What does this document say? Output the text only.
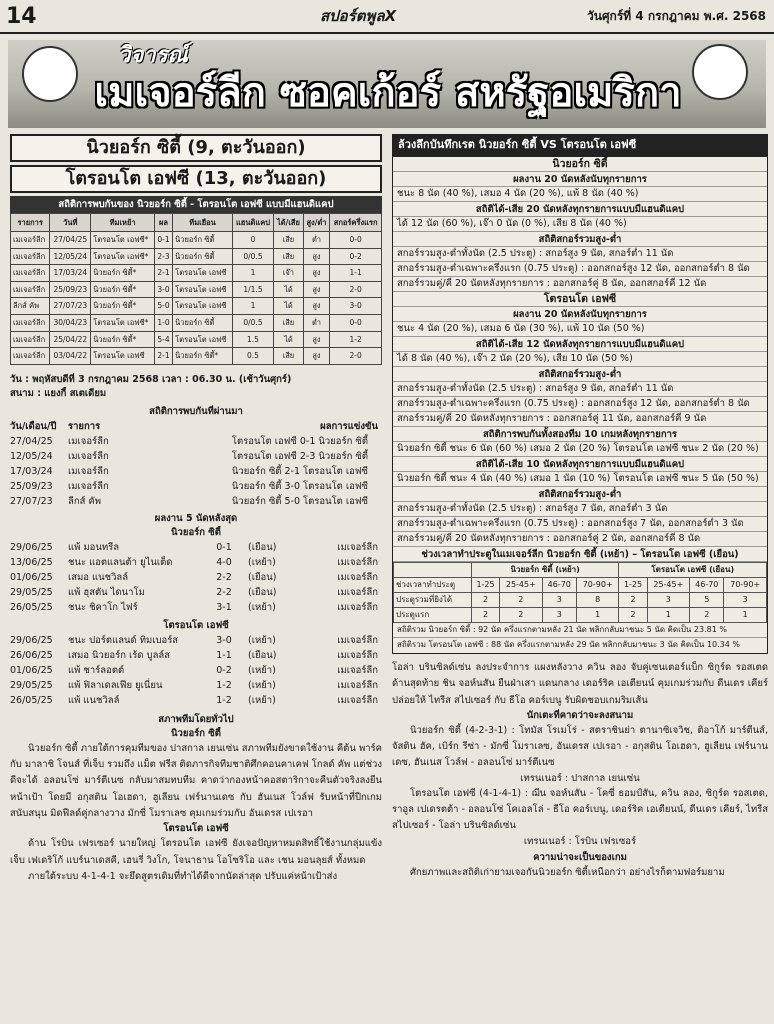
14	สปอร์ตพูลX	วันศุกร์ที่ 4 กรกฎาคม พ.ศ. 2568
วิจารณ์
เมเจอร์ลีก ซอคเก้อร์ สหรัฐอเมริกา
นิวยอร์ก ซิตี้ (9, ตะวันออก)
โตรอนโต เอฟซี (13, ตะวันออก)
สถิติการพบกันของ นิวยอร์ก ซิตี้ - โตรอนโต เอฟซี แบบมีแฮนดิแคป
รายการ	วันที่	ทีมเหย้า	ผล	ทีมเยือน	แฮนดิแคป	ได้/เสีย	สูง/ต่ำ	สกอร์ครึ่งแรก
เมเจอร์ลีก	27/04/25	โตรอนโต เอฟซี*	0-1	นิวยอร์ก ซิตี้	0	เสีย	ต่ำ	0-0
เมเจอร์ลีก	12/05/24	โตรอนโต เอฟซี*	2-3	นิวยอร์ก ซิตี้	0/0.5	เสีย	สูง	0-2
เมเจอร์ลีก	17/03/24	นิวยอร์ก ซิตี้*	2-1	โตรอนโต เอฟซี	1	เจ๊า	สูง	1-1
เมเจอร์ลีก	25/09/23	นิวยอร์ก ซิตี้*	3-0	โตรอนโต เอฟซี	1/1.5	ได้	สูง	2-0
ลีกส์ คัพ	27/07/23	นิวยอร์ก ซิตี้*	5-0	โตรอนโต เอฟซี	1	ได้	สูง	3-0
เมเจอร์ลีก	30/04/23	โตรอนโต เอฟซี*	1-0	นิวยอร์ก ซิตี้	0/0.5	เสีย	ต่ำ	0-0
เมเจอร์ลีก	25/04/22	นิวยอร์ก ซิตี้*	5-4	โตรอนโต เอฟซี	1.5	ได้	สูง	1-2
เมเจอร์ลีก	03/04/22	โตรอนโต เอฟซี	2-1	นิวยอร์ก ซิตี้*	0.5	เสีย	สูง	2-0
วัน : พฤหัสบดีที่ 3 กรกฎาคม 2568 เวลา : 06.30 น. (เช้าวันศุกร์)
สนาม : แยงกี้ สเตเดียม
สถิติการพบกันที่ผ่านมา
วัน/เดือน/ปี	รายการ	ผลการแข่งขัน
27/04/25	เมเจอร์ลีก	โตรอนโต เอฟซี 0-1 นิวยอร์ก ซิตี้
12/05/24	เมเจอร์ลีก	โตรอนโต เอฟซี 2-3 นิวยอร์ก ซิตี้
17/03/24	เมเจอร์ลีก	นิวยอร์ก ซิตี้ 2-1 โตรอนโต เอฟซี
25/09/23	เมเจอร์ลีก	นิวยอร์ก ซิตี้ 3-0 โตรอนโต เอฟซี
27/07/23	ลีกส์ คัพ	นิวยอร์ก ซิตี้ 5-0 โตรอนโต เอฟซี
ผลงาน 5 นัดหลังสุด
นิวยอร์ก ซิตี้
29/06/25	แพ้ มอนทรีล	0-1	(เยือน)	เมเจอร์ลีก
13/06/25	ชนะ แอตแลนต้า ยูไนเต็ด	4-0	(เหย้า)	เมเจอร์ลีก
01/06/25	เสมอ แนชวิลล์	2-2	(เยือน)	เมเจอร์ลีก
29/05/25	แพ้ ฮุสตัน ไดนาโม	2-2	(เยือน)	เมเจอร์ลีก
26/05/25	ชนะ ชิคาโก ไฟร์	3-1	(เหย้า)	เมเจอร์ลีก
โตรอนโต เอฟซี
29/06/25	ชนะ ปอร์ตแลนด์ ทิมเบอร์ส	3-0	(เหย้า)	เมเจอร์ลีก
26/06/25	เสมอ นิวยอร์ก เร้ด บูลล์ส	1-1	(เยือน)	เมเจอร์ลีก
01/06/25	แพ้ ชาร์ลอตต์	0-2	(เหย้า)	เมเจอร์ลีก
29/05/25	แพ้ ฟิลาเดลเฟีย ยูเนี่ยน	1-2	(เหย้า)	เมเจอร์ลีก
26/05/25	แพ้ แนชวิลล์	1-2	(เหย้า)	เมเจอร์ลีก
สภาพทีมโดยทั่วไป
นิวยอร์ก ซิตี้

นิวยอร์ก ซิตี้ ภายใต้การคุมทีมของ ปาสกาล เยนเซ่น สภาพทีมยังขาดใช้งาน คีต้น พาร์ค กับ มาลาชิ โจนส์ ที่เจ็บ รวมถึง แม็ต ฟรีส ติดภารกิจทีมชาติศึกคอนคาเคฟ โกลด์ คัพ แต่ช่วงดีจะได้ อลอนโซ่ มาร์ตีเนซ กลับมาสมทบทีม คาดว่ากองหน้าคอสตาริกาจะคืนตัวจริงลงยืนหน้าเป้า โดยมี อกุสติน โอเฮดา, ฮูเลียน เฟร์นานเดซ กับ ฮันเนส โวล์ฟ รับหน้าที่ปีกเกมสนับสนุน มิดฟีลด์คู่กลางวาง มักซี่ โมราเลซ คุมเกมร่วมกับ อันเดรส เปเรอา

โตรอนโต เอฟซี

ด้าน โรบิน เฟรเซอร์ นายใหญ่ โตรอนโต เอฟซี ยังเจอปัญหาหมดสิทธิ์ใช้งานกลุ่มแข้งเจ็บ เฟเดริโก้ แบร์นาเดสคี, เฮนรี่ วิงโก, โจนาธาน โอโซริโอ และ เชน มอนลุยส์ ทั้งหมด

ภายใต้ระบบ 4-1-4-1 จะยึดสูตรเดิมที่ทำได้ดีจากนัดล่าสุด ปรับแค่หน้าเป้าส่ง

ล้วงลึกบันทึกเรต นิวยอร์ก ซิตี้ VS โตรอนโต เอฟซี
นิวยอร์ก ซิตี้
ผลงาน 20 นัดหลังนับทุกรายการ
ชนะ 8 นัด (40 %), เสมอ 4 นัด (20 %), แพ้ 8 นัด (40 %)
สถิติได้-เสีย 20 นัดหลังทุกรายการแบบมีแฮนดิแคป
ได้ 12 นัด (60 %), เจ๊า 0 นัด (0 %), เสีย 8 นัด (40 %)
สถิติสกอร์รวมสูง-ต่ำ
สกอร์รวมสูง-ต่ำทั้งนัด (2.5 ประตู) : สกอร์สูง 9 นัด, สกอร์ต่ำ 11 นัด
สกอร์รวมสูง-ต่ำเฉพาะครึ่งแรก (0.75 ประตู) : ออกสกอร์สูง 12 นัด, ออกสกอร์ต่ำ 8 นัด
สกอร์รวมคู่/คี่ 20 นัดหลังทุกรายการ : ออกสกอร์คู่ 8 นัด, ออกสกอร์คี่ 12 นัด
โตรอนโต เอฟซี
ผลงาน 20 นัดหลังนับทุกรายการ
ชนะ 4 นัด (20 %), เสมอ 6 นัด (30 %), แพ้ 10 นัด (50 %)
สถิติได้-เสีย 12 นัดหลังทุกรายการแบบมีแฮนดิแคป
ได้ 8 นัด (40 %), เจ๊า 2 นัด (20 %), เสีย 10 นัด (50 %)
สถิติสกอร์รวมสูง-ต่ำ
สกอร์รวมสูง-ต่ำทั้งนัด (2.5 ประตู) : สกอร์สูง 9 นัด, สกอร์ต่ำ 11 นัด
สกอร์รวมสูง-ต่ำเฉพาะครึ่งแรก (0.75 ประตู) : ออกสกอร์สูง 12 นัด, ออกสกอร์ต่ำ 8 นัด
สกอร์รวมคู่/คี่ 20 นัดหลังทุกรายการ : ออกสกอร์คู่ 11 นัด, ออกสกอร์คี่ 9 นัด
สถิติการพบกันทั้งสองทีม 10 เกมหลังทุกรายการ
นิวยอร์ก ซิตี้ ชนะ 6 นัด (60 %) เสมอ 2 นัด (20 %) โตรอนโต เอฟซี ชนะ 2 นัด (20 %)
สถิติได้-เสีย 10 นัดหลังทุกรายการแบบมีแฮนดิแคป
นิวยอร์ก ซิตี้ ชนะ 4 นัด (40 %) เสมอ 1 นัด (10 %) โตรอนโต เอฟซี ชนะ 5 นัด (50 %)
สถิติสกอร์รวมสูง-ต่ำ
สกอร์รวมสูง-ต่ำทั้งนัด (2.5 ประตู) : สกอร์สูง 7 นัด, สกอร์ต่ำ 3 นัด
สกอร์รวมสูง-ต่ำเฉพาะครึ่งแรก (0.75 ประตู) : ออกสกอร์สูง 7 นัด, ออกสกอร์ต่ำ 3 นัด
สกอร์รวมคู่/คี่ 20 นัดหลังทุกรายการ : ออกสกอร์คู่ 2 นัด, ออกสกอร์คี่ 8 นัด
ช่วงเวลาทำประตูในเมเจอร์ลีก นิวยอร์ก ซิตี้ (เหย้า) – โตรอนโต เอฟซี (เยือน)
	นิวยอร์ก ซิตี้ (เหย้า)				โตรอนโต เอฟซี (เยือน)			
ช่วงเวลาทำประตู	1-25	25-45+	46-70	70-90+	1-25	25-45+	46-70	70-90+
ประตูรวมที่ยิงได้	2	2	3	8	2	3	5	3
ประตูแรก	2	2	3	1	2	1	2	1
สถิติรวม นิวยอร์ก ซิตี้ : 92 นัด ครึ่งแรกตามหลัง 21 นัด พลิกกลับมาชนะ 5 นัด คิดเป็น 23.81 %
สถิติรวม โตรอนโต เอฟซี : 88 นัด ครึ่งแรกตามหลัง 29 นัด พลิกกลับมาชนะ 3 นัด คิดเป็น 10.34 %

โอล่า บรินซิลด์เซ่น ลงประจำการ แผงหลังวาง ควิน ลอง จับคู่เซนเตอร์แบ็ก ซิกูร์ด รอสเตด ด้านสุดท้าย ชิน จอห์นสัน ยืนฝ่าเสา แดนกลาง เดอร์ริค เอเตียนน์ คุมเกมร่วมกับ ดีนเดร เคียร์ ปล่อยให้ ไทรีส สไปเซอร์ กับ ธีโอ คอร์เบนู รับผิดชอบเกมริมเส้น

นักเตะที่คาดว่าจะลงสนาม

นิวยอร์ก ซิตี้ (4-2-3-1) : โทมัส โรเมโร่ - สตราชินย่า ตานาซิเจวิช, ติอาโก้ มาร์ตีนส์, จัสติน ฮัค, เบิร์ก รีซ่า - มักซี่ โมราเลซ, อันเดรส เปเรอา - อกุสติน โอเฮดา, ฮูเลียน เฟร์นานเดซ, ฮันเนส โวล์ฟ - อลอนโซ่ มาร์ตีเนซ

เทรนเนอร์ : ปาสกาล เยนเซ่น

โตรอนโต เอฟซี (4-1-4-1) : ฌีน จอห์นสัน - โคซี่ ธอมป์สัน, ควิน ลอง, ซิกูร์ด รอสเตด, ราอูล เปเดรตต้า - อลอนโซ่ โคเอลโล่ - ธีโอ คอร์เบนู, เดอร์ริค เอเตียนน์, ดีนเดร เคียร์, ไทรีส สไปเซอร์ - โอล่า บรินซิลด์เซ่น

เทรนเนอร์ : โรบิน เฟรเซอร์
ความน่าจะเป็นของเกม

ศักยภาพและสถิติเก่ายามเจอกันนิวยอร์ก ซิตี้เหนือกว่า อย่างไรก็ตามฟอร์มยาม
